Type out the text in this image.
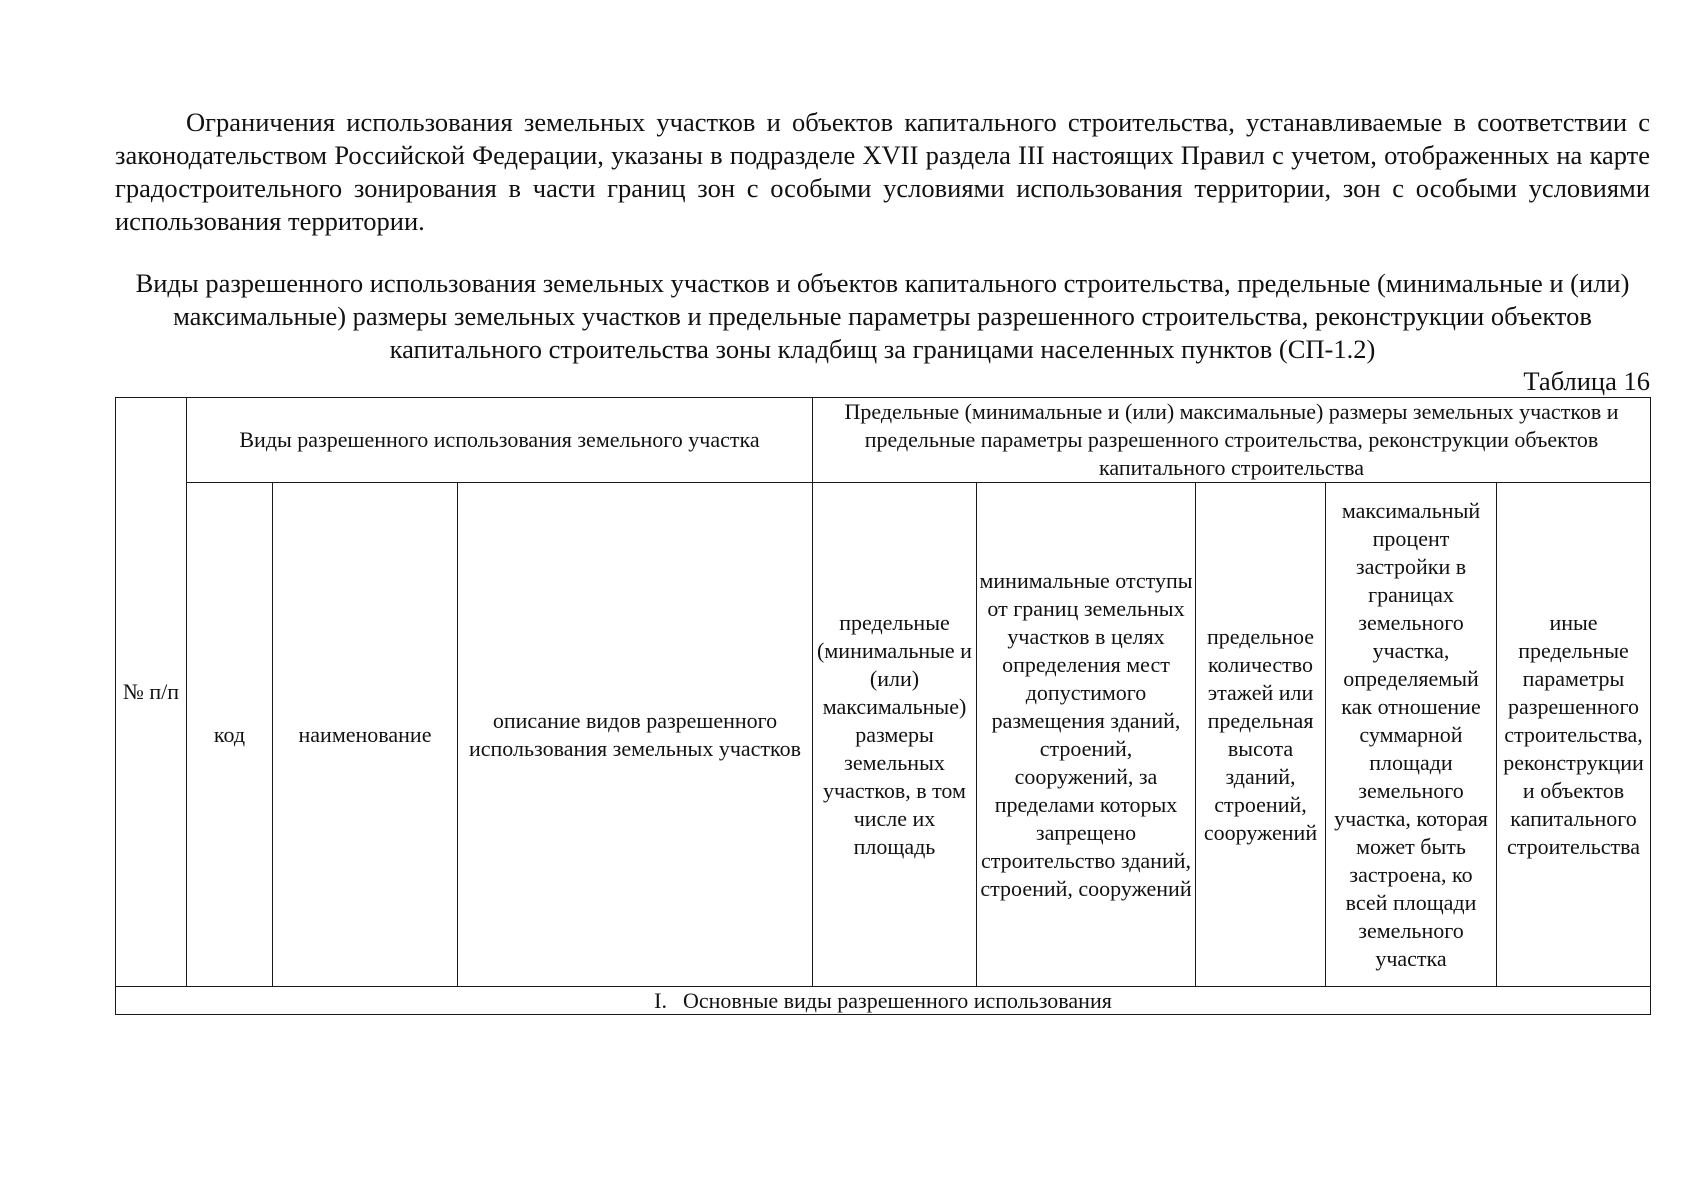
Ограничения использования земельных участков и объектов капитального строительства, устанавливаемые в соответствии с законодательством Российской Федерации, указаны в подразделе XVII раздела III настоящих Правил с учетом, отображенных на карте градостроительного зонирования в части границ зон с особыми условиями использования территории, зон с особыми условиями использования территории.

Виды разрешенного использования земельных участков и объектов капитального строительства, предельные (минимальные и (или) максимальные) размеры земельных участков и предельные параметры разрешенного строительства, реконструкции объектов капитального строительства зоны кладбищ за границами населенных пунктов (СП-1.2)

Таблица 16

№ п/п	Виды разрешенного использования земельного участка			Предельные (минимальные и (или) максимальные) размеры земельных участков и предельные параметры разрешенного строительства, реконструкции объектов капитального строительства				
	код	наименование	описание видов разрешенного использования земельных участков	предельные (минимальные и (или) максимальные) размеры земельных участков, в том числе их площадь	минимальные отступы от границ земельных участков в целях определения мест допустимого размещения зданий, строений, сооружений, за пределами которых запрещено строительство зданий, строений, сооружений	предельное количество этажей или предельная высота зданий, строений, сооружений	максимальный процент застройки в границах земельного участка, определяемый как отношение суммарной площади земельного участка, которая может быть застроена, ко всей площади земельного участка	иные предельные параметры разрешенного строительства, реконструкции и объектов капитального строительства
I. Основные виды разрешенного использования								
